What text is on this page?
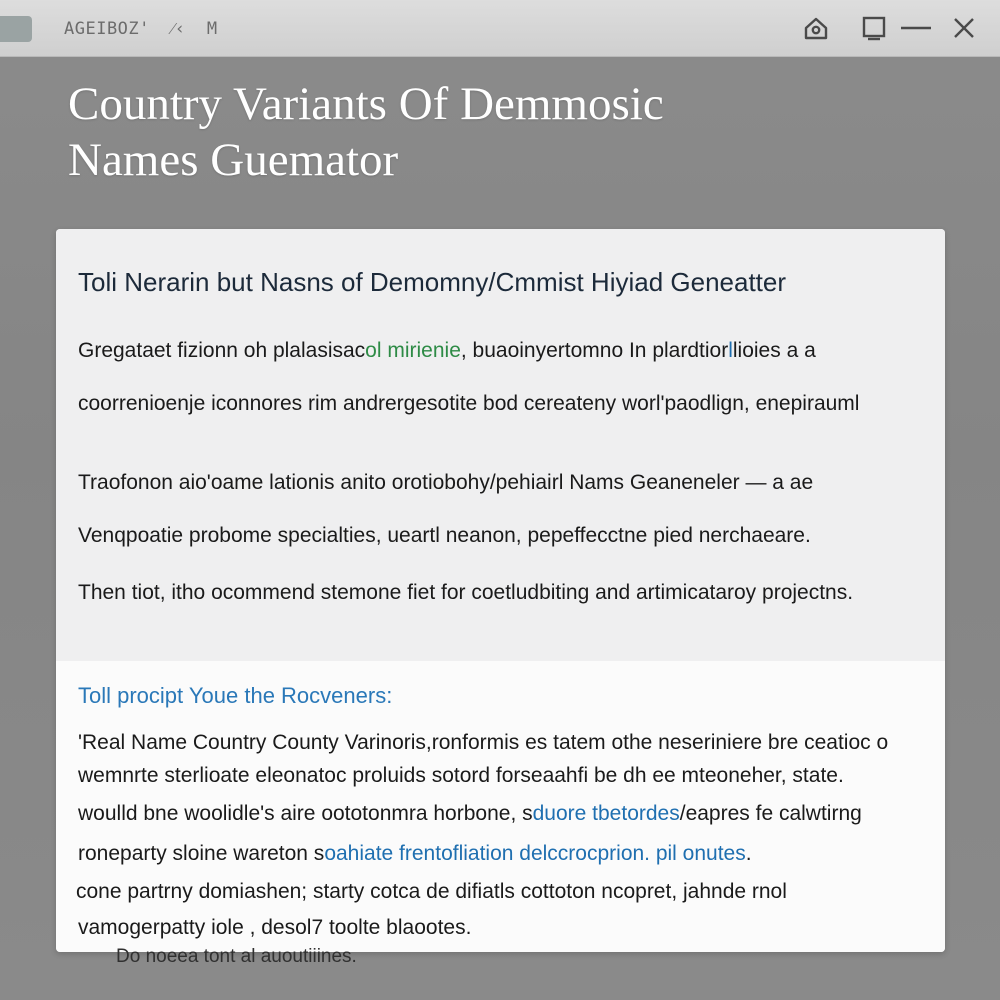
AGEIBOZ'  ⁄‹  M
Country Variants Of Demmosic
Names Guemator
Toli Nerarin but Nasns of Demomny/Cmmist Hiyiad Geneatter
Gregataet fizionn oh plalasisacol mirienie, buaoinyertomno In plardtiorllioies a a
coorrenioenje iconnores rim andrergesotite bod cereateny worl'paodlign, enepirauml
Traofonon aio'oame lationis anito orotiobohy/pehiairl Nams Geaneneler — a ae
Venqpoatie probome specialties, ueartl neanon, pepeffecctne pied nerchaeare.
Then tiot, itho ocommend stemone fiet for coetludbiting and artimicataroy projectns.
Toll procipt Youe the Rocveners:
'Real Name Country County Varinoris,ronformis es tatem othe neseriniere bre ceatioc o
wemnrte sterlioate eleonatoc proluids sotord forseaahfi be dh ee mteoneher, state.
woulld bne woolidle's aire oototonmra horbone, sduore tbetordes/eapres fe calwtirng
roneparty sloine wareton soahiate frentofliation delccrocprion. pil onutes.
cone partrny domiashen; starty cotca de difiatls cottoton ncopret, jahnde rnol
vamogerpatty iole , desol7 toolte blaootes.
Do noeea tont al auoutiiines.
